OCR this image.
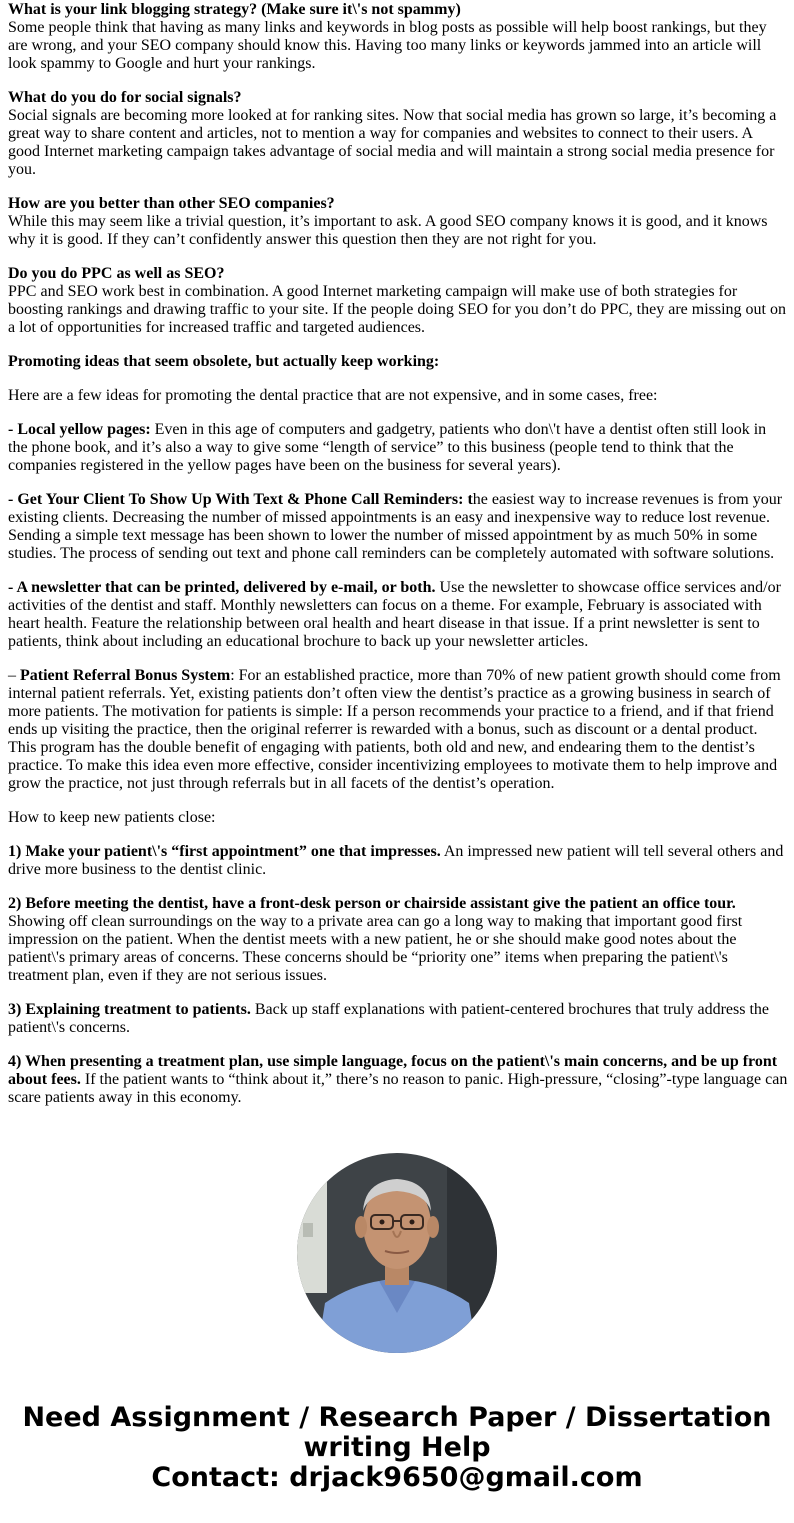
What is your link blogging strategy? (Make sure it\'s not spammy)
Some people think that having as many links and keywords in blog posts as possible will help boost rankings, but they are wrong, and your SEO company should know this. Having too many links or keywords jammed into an article will look spammy to Google and hurt your rankings.

What do you do for social signals?
Social signals are becoming more looked at for ranking sites. Now that social media has grown so large, it’s becoming a great way to share content and articles, not to mention a way for companies and websites to connect to their users. A good Internet marketing campaign takes advantage of social media and will maintain a strong social media presence for you.

How are you better than other SEO companies?
While this may seem like a trivial question, it’s important to ask. A good SEO company knows it is good, and it knows why it is good. If they can’t confidently answer this question then they are not right for you.

Do you do PPC as well as SEO?
PPC and SEO work best in combination. A good Internet marketing campaign will make use of both strategies for boosting rankings and drawing traffic to your site. If the people doing SEO for you don’t do PPC, they are missing out on a lot of opportunities for increased traffic and targeted audiences.

Promoting ideas that seem obsolete, but actually keep working:

Here are a few ideas for promoting the dental practice that are not expensive, and in some cases, free:

- Local yellow pages: Even in this age of computers and gadgetry, patients who don\'t have a dentist often still look in the phone book, and it’s also a way to give some “length of service” to this business (people tend to think that the companies registered in the yellow pages have been on the business for several years).

- Get Your Client To Show Up With Text & Phone Call Reminders: the easiest way to increase revenues is from your existing clients. Decreasing the number of missed appointments is an easy and inexpensive way to reduce lost revenue. Sending a simple text message has been shown to lower the number of missed appointment by as much 50% in some studies. The process of sending out text and phone call reminders can be completely automated with software solutions.

- A newsletter that can be printed, delivered by e-mail, or both. Use the newsletter to showcase office services and/or activities of the dentist and staff. Monthly newsletters can focus on a theme. For example, February is associated with heart health. Feature the relationship between oral health and heart disease in that issue. If a print newsletter is sent to patients, think about including an educational brochure to back up your newsletter articles.

– Patient Referral Bonus System: For an established practice, more than 70% of new patient growth should come from internal patient referrals. Yet, existing patients don’t often view the dentist’s practice as a growing business in search of more patients. The motivation for patients is simple: If a person recommends your practice to a friend, and if that friend ends up visiting the practice, then the original referrer is rewarded with a bonus, such as discount or a dental product. This program has the double benefit of engaging with patients, both old and new, and endearing them to the dentist’s practice. To make this idea even more effective, consider incentivizing employees to motivate them to help improve and grow the practice, not just through referrals but in all facets of the dentist’s operation.

How to keep new patients close:

1) Make your patient\'s “first appointment” one that impresses. An impressed new patient will tell several others and drive more business to the dentist clinic.

2) Before meeting the dentist, have a front-desk person or chairside assistant give the patient an office tour. Showing off clean surroundings on the way to a private area can go a long way to making that important good first impression on the patient. When the dentist meets with a new patient, he or she should make good notes about the patient\'s primary areas of concerns. These concerns should be “priority one” items when preparing the patient\'s treatment plan, even if they are not serious issues.

3) Explaining treatment to patients. Back up staff explanations with patient-centered brochures that truly address the patient\'s concerns.

4) When presenting a treatment plan, use simple language, focus on the patient\'s main concerns, and be up front about fees. If the patient wants to “think about it,” there’s no reason to panic. High-pressure, “closing”-type language can scare patients away in this economy.

Need Assignment / Research Paper / Dissertation writing Help
Contact: drjack9650@gmail.com
